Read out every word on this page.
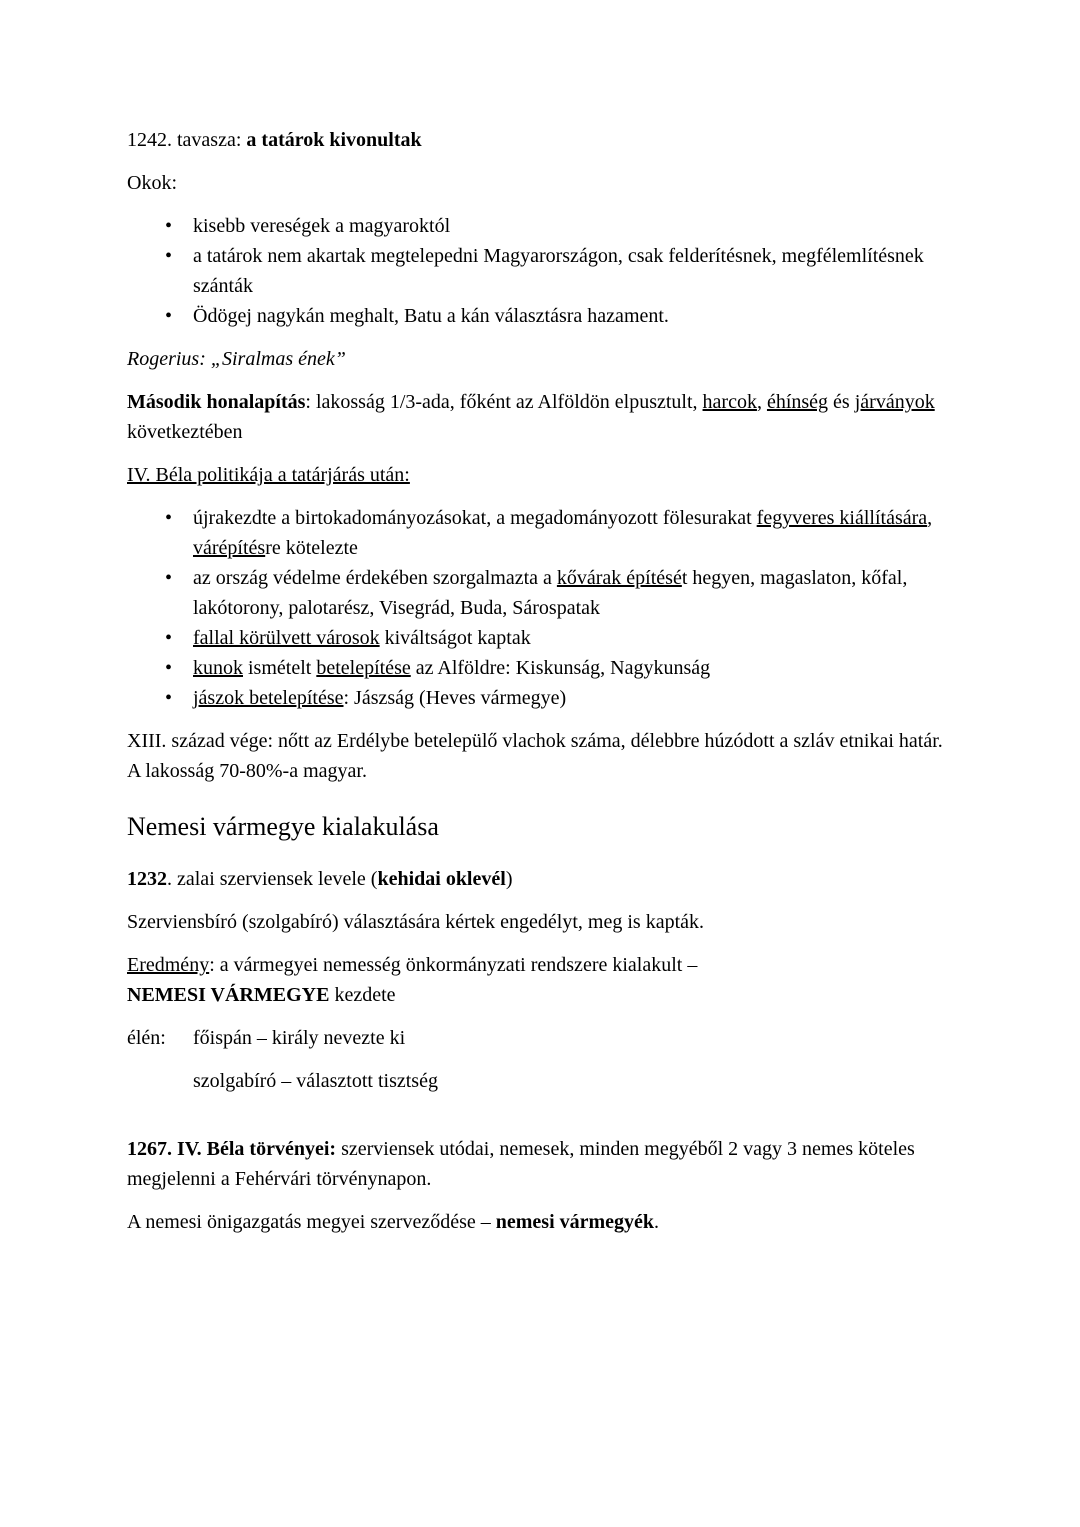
1242. tavasza: a tatárok kivonultak

Okok:

• kisebb vereségek a magyaroktól
• a tatárok nem akartak megtelepedni Magyarországon, csak felderítésnek, megfélemlítésnek szánták
• Ödögej nagykán meghalt, Batu a kán választásra hazament.

Rogerius: „Siralmas ének”

Második honalapítás: lakosság 1/3-ada, főként az Alföldön elpusztult, harcok, éhínség és járványok következtében

IV. Béla politikája a tatárjárás után:

• újrakezdte a birtokadományozásokat, a megadományozott fölesurakat fegyveres kiállítására, várépítésre kötelezte
• az ország védelme érdekében szorgalmazta a kővárak építését hegyen, magaslaton, kőfal, lakótorony, palotarész, Visegrád, Buda, Sárospatak
• fallal körülvett városok kiváltságot kaptak
• kunok ismételt betelepítése az Alföldre: Kiskunság, Nagykunság
• jászok betelepítése: Jászság (Heves vármegye)

XIII. század vége: nőtt az Erdélybe betelepülő vlachok száma, délebbre húzódott a szláv etnikai határ. A lakosság 70-80%-a magyar.

Nemesi vármegye kialakulása

1232. zalai szerviensek levele (kehidai oklevél)

Szerviensbíró (szolgabíró) választására kértek engedélyt, meg is kapták.

Eredmény: a vármegyei nemesség önkormányzati rendszere kialakult –
NEMESI VÁRMEGYE kezdete

élén:	főispán – király nevezte ki

	szolgabíró – választott tisztség

1267. IV. Béla törvényei: szerviensek utódai, nemesek, minden megyéből 2 vagy 3 nemes köteles megjelenni a Fehérvári törvénynapon.

A nemesi önigazgatás megyei szerveződése – nemesi vármegyék.
